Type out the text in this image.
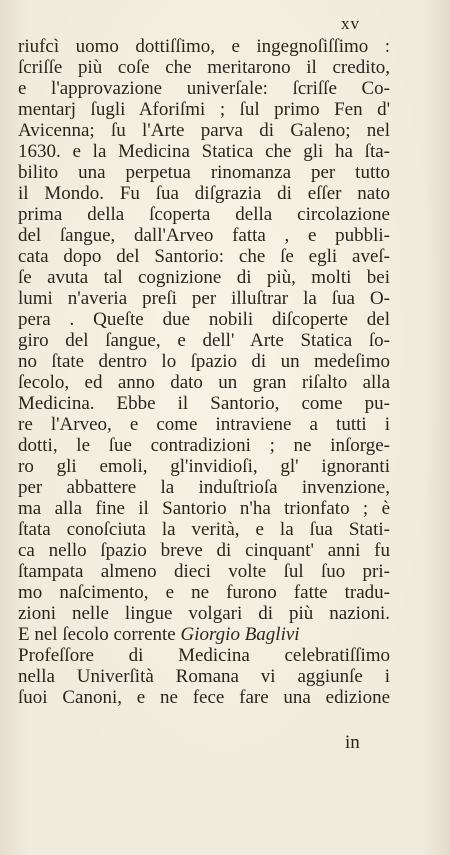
xv
riufcì uomo dottiſſimo, e ingegnoſiſſimo :
ſcriſſe più coſe che meritarono il credito,
e l'approvazione univerſale: ſcriſſe Co-
mentarj ſugli Aforiſmi ; ſul primo Fen d'
Avicenna; ſu l'Arte parva di Galeno; nel
1630. e la Medicina Statica che gli ha ſta-
bilito una perpetua rinomanza per tutto
il Mondo. Fu ſua diſgrazia di eſſer nato
prima della ſcoperta della circolazione
del ſangue, dall'Arveo fatta , e pubbli-
cata dopo del Santorio: che ſe egli aveſ-
ſe avuta tal cognizione di più, molti bei
lumi n'averia preſi per illuſtrar la ſua O-
pera . Queſte due nobili diſcoperte del
giro del ſangue, e dell' Arte Statica ſo-
no ſtate dentro lo ſpazio di un medeſimo
ſecolo, ed anno dato un gran riſalto alla
Medicina. Ebbe il Santorio, come pu-
re l'Arveo, e come intraviene a tutti i
dotti, le ſue contradizioni ; ne inſorge-
ro gli emoli, gl'invidioſi, gl' ignoranti
per abbattere la induſtrioſa invenzione,
ma alla fine il Santorio n'ha trionfato ; è
ſtata conoſciuta la verità, e la ſua Stati-
ca nello ſpazio breve di cinquant' anni fu
ſtampata almeno dieci volte ſul ſuo pri-
mo naſcimento, e ne furono fatte tradu-
zioni nelle lingue volgari di più nazioni.
E nel ſecolo corrente Giorgio Baglivi
Profeſſore di Medicina celebratiſſimo
nella Univerſità Romana vi aggiunſe i
ſuoi Canoni, e ne fece fare una edizione
in
